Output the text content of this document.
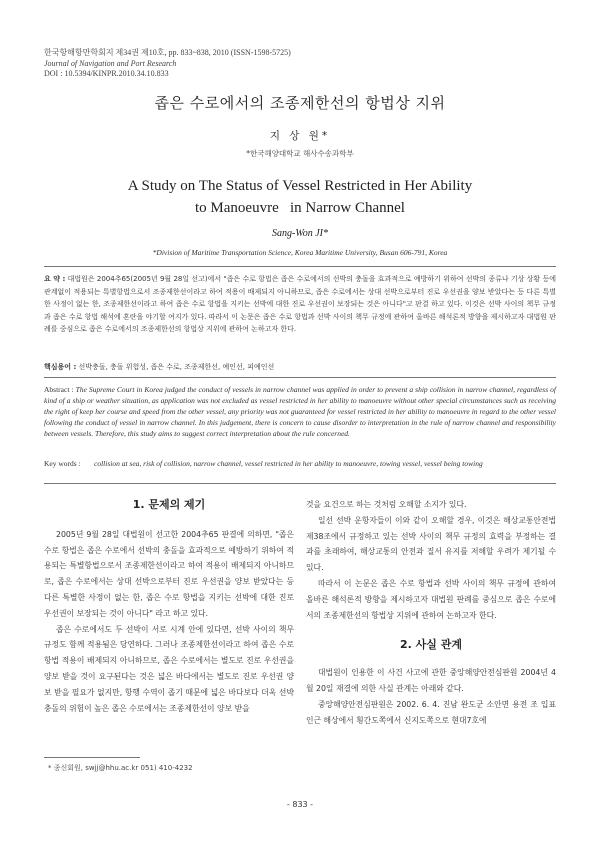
한국항해항만학회지 제34권 제10호, pp. 833~838, 2010 (ISSN-1598-5725)
Journal of Navigation and Port Research
DOI : 10.5394/KINPR.2010.34.10.833
좁은 수로에서의 조종제한선의 항법상 지위
지 상 원*
*한국해양대학교 해사수송과학부
A Study on The Status of Vessel Restricted in Her Ability
to Manoeuvre   in Narrow Channel
Sang-Won JI*
*Division of Maritime Transportation Science, Korea Maritime University, Busan 606-791, Korea
요 약 : 대법원은 2004추65(2005년 9월 28일 선고)에서 "좁은 수로 항법은 좁은 수로에서의 선박의 충돌을 효과적으로 예방하기 위하여 선박의 종류나 기상 상황 등에 관계없이 적용되는 특별항법으로서 조종제한선이라고 하여 적용이 배제되지 아니하므로, 좁은 수로에서는 상대 선박으로부터 진로 우선권을 양보 받았다는 등 다른 특별한 사정이 없는 한, 조종제한선이라고 하여 좁은 수로 항법을 지키는 선박에 대한 진로 우선권이 보장되는 것은 아니다"고 판결 하고 있다. 이것은 선박 사이의 책무 규정과 좁은 수로 항법 해석에 혼란을 야기할 여지가 있다. 따라서 이 논문은 좁은 수로 항법과 선박 사이의 책무 규정에 관하여 올바른 해석론적 방향을 제시하고자 대법원 판례를 중심으로 좁은 수로에서의 조종제한선의 항법상 지위에 관하여 논하고자 한다.
핵심용어 : 선박충돌, 충돌 위험성, 좁은 수로, 조종제한선, 예인선, 피예인선
Abstract : The Supreme Court in Korea judged the conduct of vessels in narrow channel was applied in order to prevent a ship collision in narrow channel, regardless of kind of a ship or weather situation, as application was not excluded as vessel restricted in her ability to manoeuvre without other special circumstances such as receiving the right of keep her course and speed from the other vessel, any priority was not guaranteed for vessel restricted in her ability to manoeuvre in regard to the other vessel following the conduct of vessel in narrow channel. In this judgement, there is concern to cause disorder to interpretation in the rule of narrow channel and responsibility between vessels. Therefore, this study aims to suggest correct interpretation about the rule concerned.
Key words :	collision at sea, risk of collision, narrow channel, vessel restricted in her ability to manoeuvre, towing vessel, vessel being towing
1. 문제의 제기

2005년 9월 28일 대법원이 선고한 2004추65 판결에 의하면, "좁은 수로 항법은 좁은 수로에서 선박의 충돌을 효과적으로 예방하기 위하여 적용되는 특별항법으로서 조종제한선이라고 하여 적용이 배제되지 아니하므로, 좁은 수로에서는 상대 선박으로부터 진로 우선권을 양보 받았다는 등 다른 특별한 사정이 없는 한, 좁은 수로 항법을 지키는 선박에 대한 진로 우선권이 보장되는 것이 아니다" 라고 하고 있다.

좁은 수로에서도 두 선박이 서로 시계 안에 있다면, 선박 사이의 책무 규정도 함께 적용됨은 당연하다. 그러나 조종제한선이라고 하여 좁은 수로 항법 적용이 배제되지 아니하므로, 좁은 수로에서는 별도로 진로 우선권을 양보 받을 것이 요구된다는 것은 넓은 바다에서는 별도로 진로 우선권 양보 받을 필요가 없지만, 항행 수역이 좁기 때문에 넓은 바다보다 더욱 선박충돌의 위험이 높은 좁은 수로에서는 조종제한선이 양보 받을

것을 요건으로 하는 것처럼 오해할 소지가 있다.

일선 선박 운항자들이 이와 같이 오해할 경우, 이것은 해상교통안전법 제38조에서 규정하고 있는 선박 사이의 책무 규정의 효력을 부정하는 결과를 초래하여, 해상교통의 안전과 질서 유지를 저해할 우려가 제기될 수 있다.

따라서 이 논문은 좁은 수로 항법과 선박 사이의 책무 규정에 관하여 올바른 해석론적 방향을 제시하고자 대법원 판례를 중심으로 좁은 수로에서의 조종제한선의 항법상 지위에 관하여 논하고자 한다.

2. 사실 관계

대법원이 인용한 이 사건 사고에 관한 중앙해양안전심판원 2004년 4월 20일 재결에 의한 사실 관계는 아래와 같다.

중앙해양안전심판원은 2002. 6. 4. 진남 완도군 소안면 용전 조 입표 인근 해상에서 횡간도쪽에서 신지도쪽으로 현대7호에

* 종신회원, swjj@hhu.ac.kr 051) 410-4232
- 833 -
